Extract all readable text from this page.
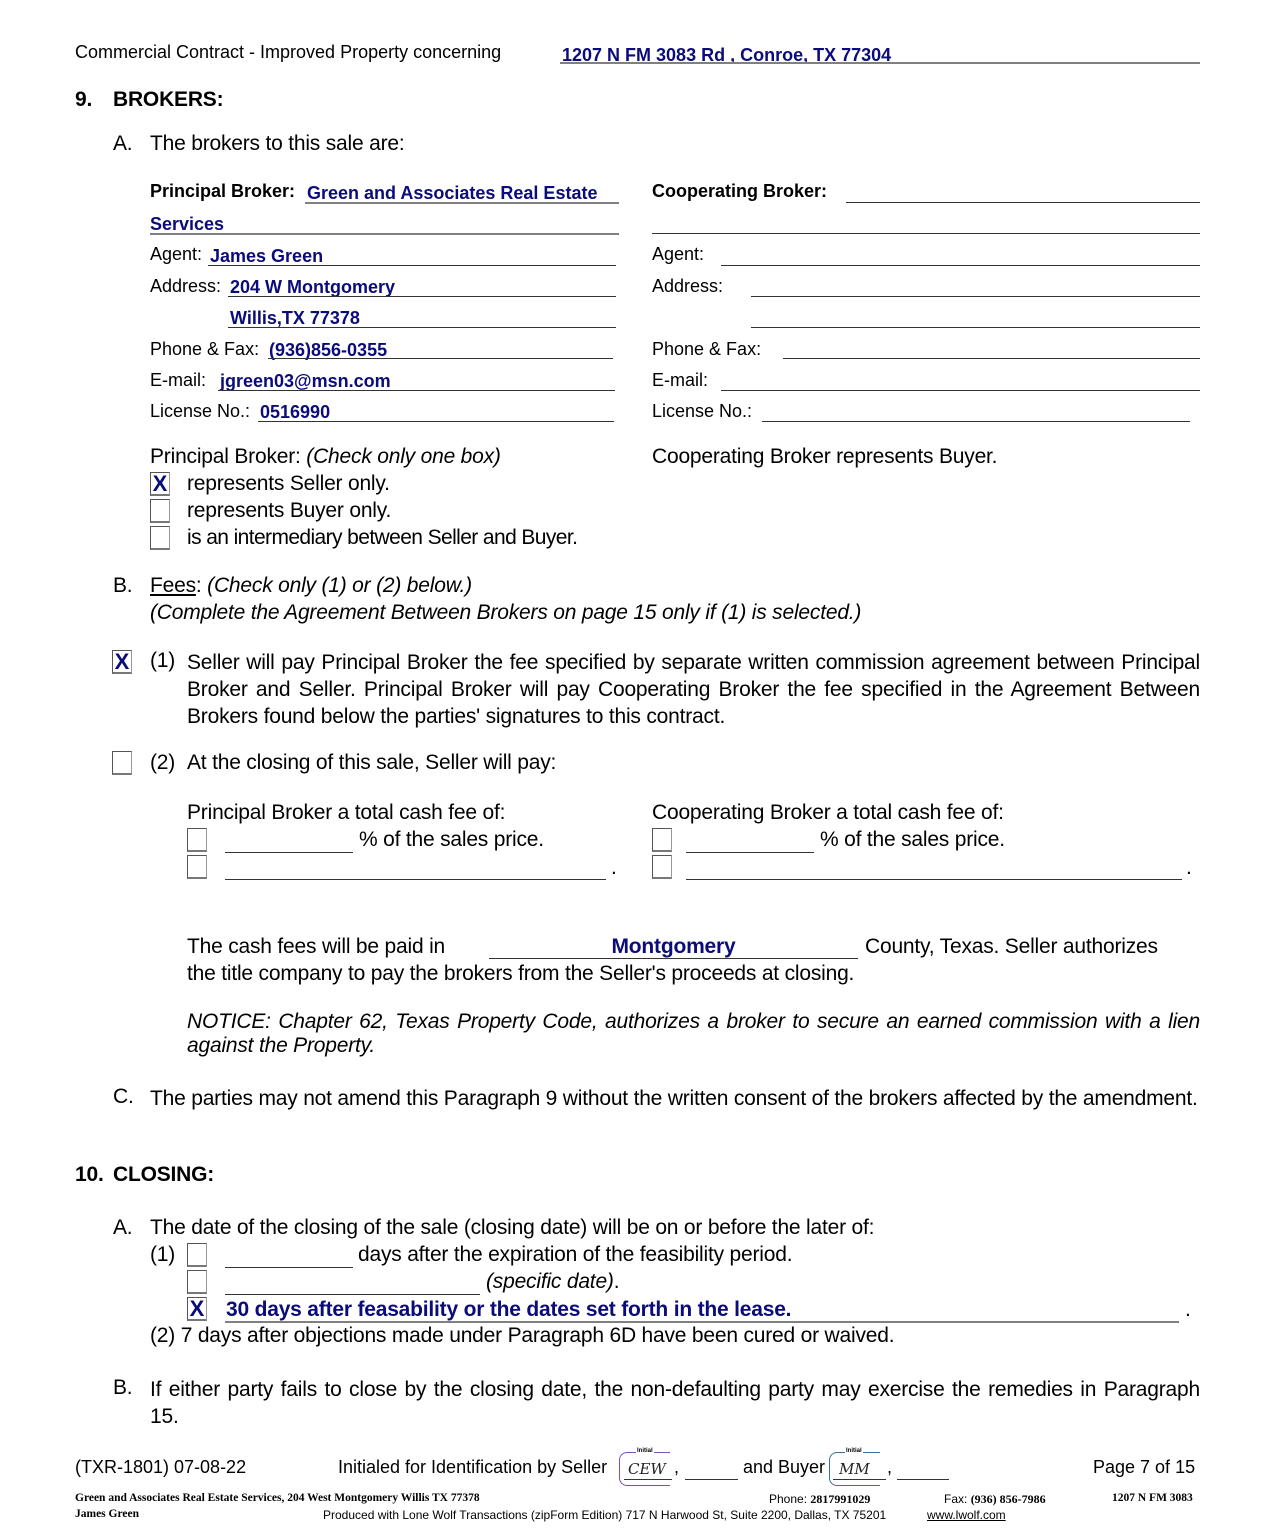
Commercial Contract - Improved Property concerning	1207 N FM 3083 Rd , Conroe, TX 77304
9. BROKERS:
A. The brokers to this sale are:
Principal Broker: Green and Associates Real Estate
Services
Agent: James Green
Address: 204 W Montgomery
Willis,TX 77378
Phone & Fax: (936)856-0355
E-mail: jgreen03@msn.com
License No.: 0516990
Cooperating Broker:
Agent:
Address:
Phone & Fax:
E-mail:
License No.:
Principal Broker: (Check only one box)
X represents Seller only.
represents Buyer only.
is an intermediary between Seller and Buyer.
Cooperating Broker represents Buyer.
B. Fees: (Check only (1) or (2) below.)
(Complete the Agreement Between Brokers on page 15 only if (1) is selected.)
X (1) Seller will pay Principal Broker the fee specified by separate written commission agreement between Principal Broker and Seller. Principal Broker will pay Cooperating Broker the fee specified in the Agreement Between Brokers found below the parties' signatures to this contract.
(2) At the closing of this sale, Seller will pay:
Principal Broker a total cash fee of:
% of the sales price.
.
Cooperating Broker a total cash fee of:
% of the sales price.
.
The cash fees will be paid in	Montgomery	County, Texas. Seller authorizes
the title company to pay the brokers from the Seller's proceeds at closing.
NOTICE: Chapter 62, Texas Property Code, authorizes a broker to secure an earned commission with a lien against the Property.
C. The parties may not amend this Paragraph 9 without the written consent of the brokers affected by the amendment.
10. CLOSING:
A. The date of the closing of the sale (closing date) will be on or before the later of:
(1)	days after the expiration of the feasibility period.
(specific date).
X 30 days after feasability or the dates set forth in the lease.	.
(2) 7 days after objections made under Paragraph 6D have been cured or waived.
B. If either party fails to close by the closing date, the non-defaulting party may exercise the remedies in Paragraph 15.
(TXR-1801) 07-08-22	Initialed for Identification by Seller
Initial
CEW ,	and Buyer
Initial
MM ,	Page 7 of 15
Green and Associates Real Estate Services, 204 West Montgomery Willis TX 77378
James Green
Phone: 2817991029	Fax: (936) 856-7986	1207 N FM 3083
Produced with Lone Wolf Transactions (zipForm Edition) 717 N Harwood St, Suite 2200, Dallas, TX 75201	www.lwolf.com
